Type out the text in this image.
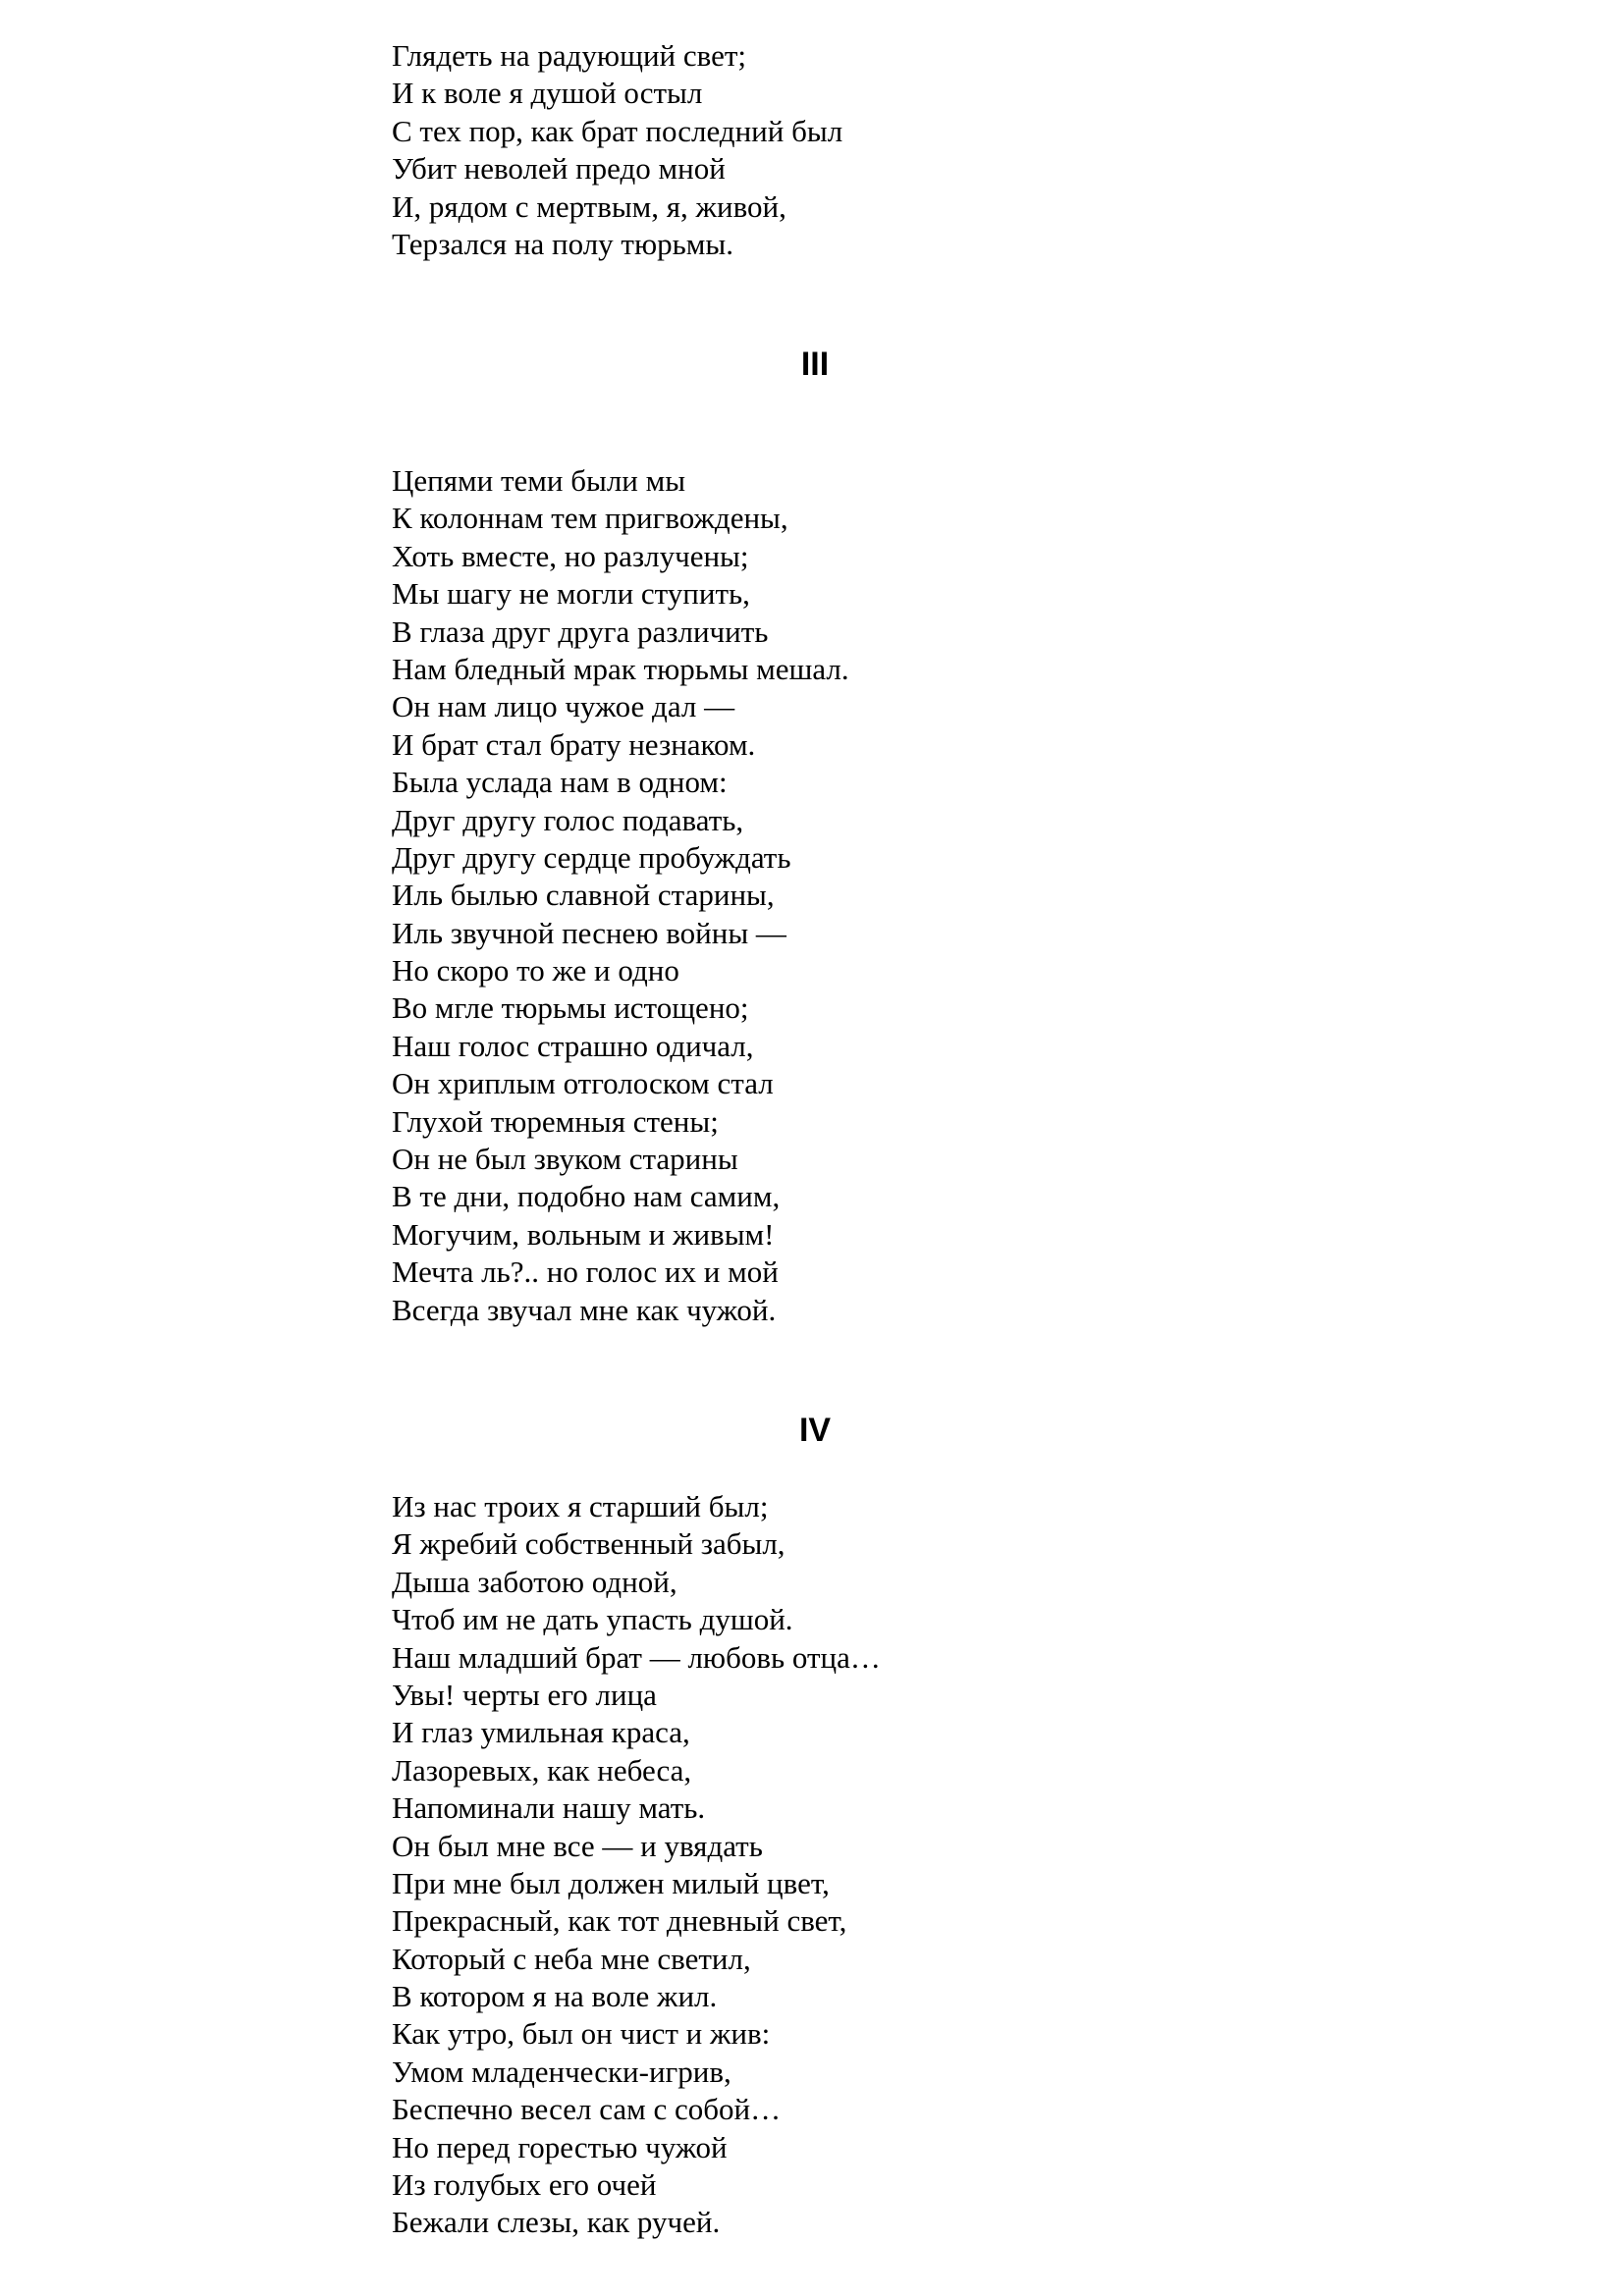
Глядеть на радующий свет;
И к воле я душой остыл
С тех пор, как брат последний был
Убит неволей предо мной
И, рядом с мертвым, я, живой,
Терзался на полу тюрьмы.
III
Цепями теми были мы
К колоннам тем пригвождены,
Хоть вместе, но разлучены;
Мы шагу не могли ступить,
В глаза друг друга различить
Нам бледный мрак тюрьмы мешал.
Он нам лицо чужое дал —
И брат стал брату незнаком.
Была услада нам в одном:
Друг другу голос подавать,
Друг другу сердце пробуждать
Иль былью славной старины,
Иль звучной песнею войны —
Но скоро то же и одно
Во мгле тюрьмы истощено;
Наш голос страшно одичал,
Он хриплым отголоском стал
Глухой тюремныя стены;
Он не был звуком старины
В те дни, подобно нам самим,
Могучим, вольным и живым!
Мечта ль?.. но голос их и мой
Всегда звучал мне как чужой.
IV
Из нас троих я старший был;
Я жребий собственный забыл,
Дыша заботою одной,
Чтоб им не дать упасть душой.
Наш младший брат — любовь отца…
Увы! черты его лица
И глаз умильная краса,
Лазоревых, как небеса,
Напоминали нашу мать.
Он был мне все — и увядать
При мне был должен милый цвет,
Прекрасный, как тот дневный свет,
Который с неба мне светил,
В котором я на воле жил.
Как утро, был он чист и жив:
Умом младенчески-игрив,
Беспечно весел сам с собой…
Но перед горестью чужой
Из голубых его очей
Бежали слезы, как ручей.
